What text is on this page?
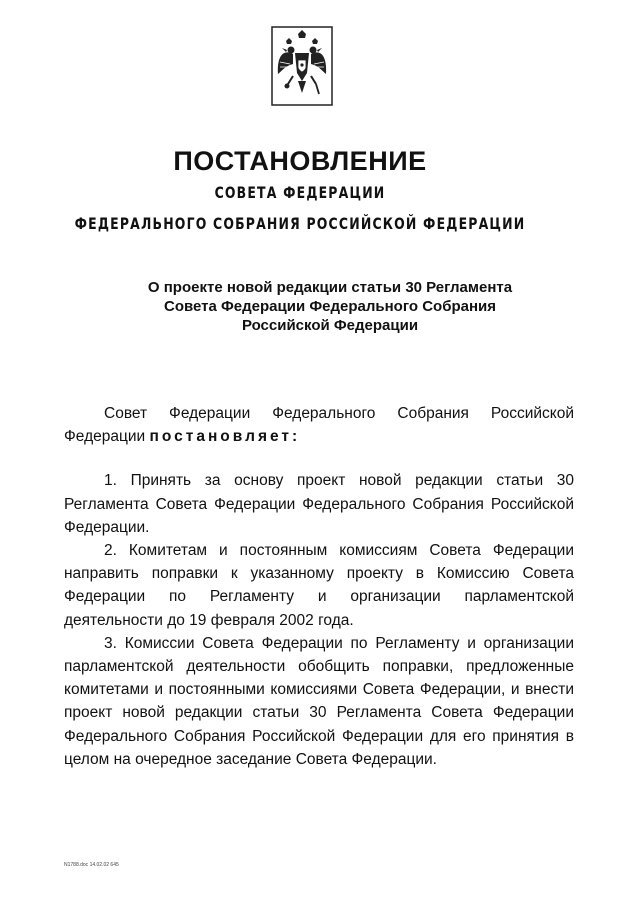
ПОСТАНОВЛЕНИЕ
СОВЕТА ФЕДЕРАЦИИ
ФЕДЕРАЛЬНОГО СОБРАНИЯ РОССИЙСКОЙ ФЕДЕРАЦИИ
О проекте новой редакции статьи 30 Регламента
Совета Федерации Федерального Собрания
Российской Федерации

Совет Федерации Федерального Собрания Российской Федерации постановляет:

1. Принять за основу проект новой редакции статьи 30 Регламента Совета Федерации Федерального Собрания Российской Федерации.

2. Комитетам и постоянным комиссиям Совета Федерации направить поправки к указанному проекту в Комиссию Совета Федерации по Регламенту и организации парламентской деятельности до 19 февраля 2002 года.

3. Комиссии Совета Федерации по Регламенту и организации парламентской деятельности обобщить поправки, предложенные комитетами и постоянными комиссиями Совета Федерации, и внести проект новой редакции статьи 30 Регламента Совета Федерации Федерального Собрания Российской Федерации для его принятия в целом на очередное заседание Совета Федерации.

N1788.doc 14.02.02 645
